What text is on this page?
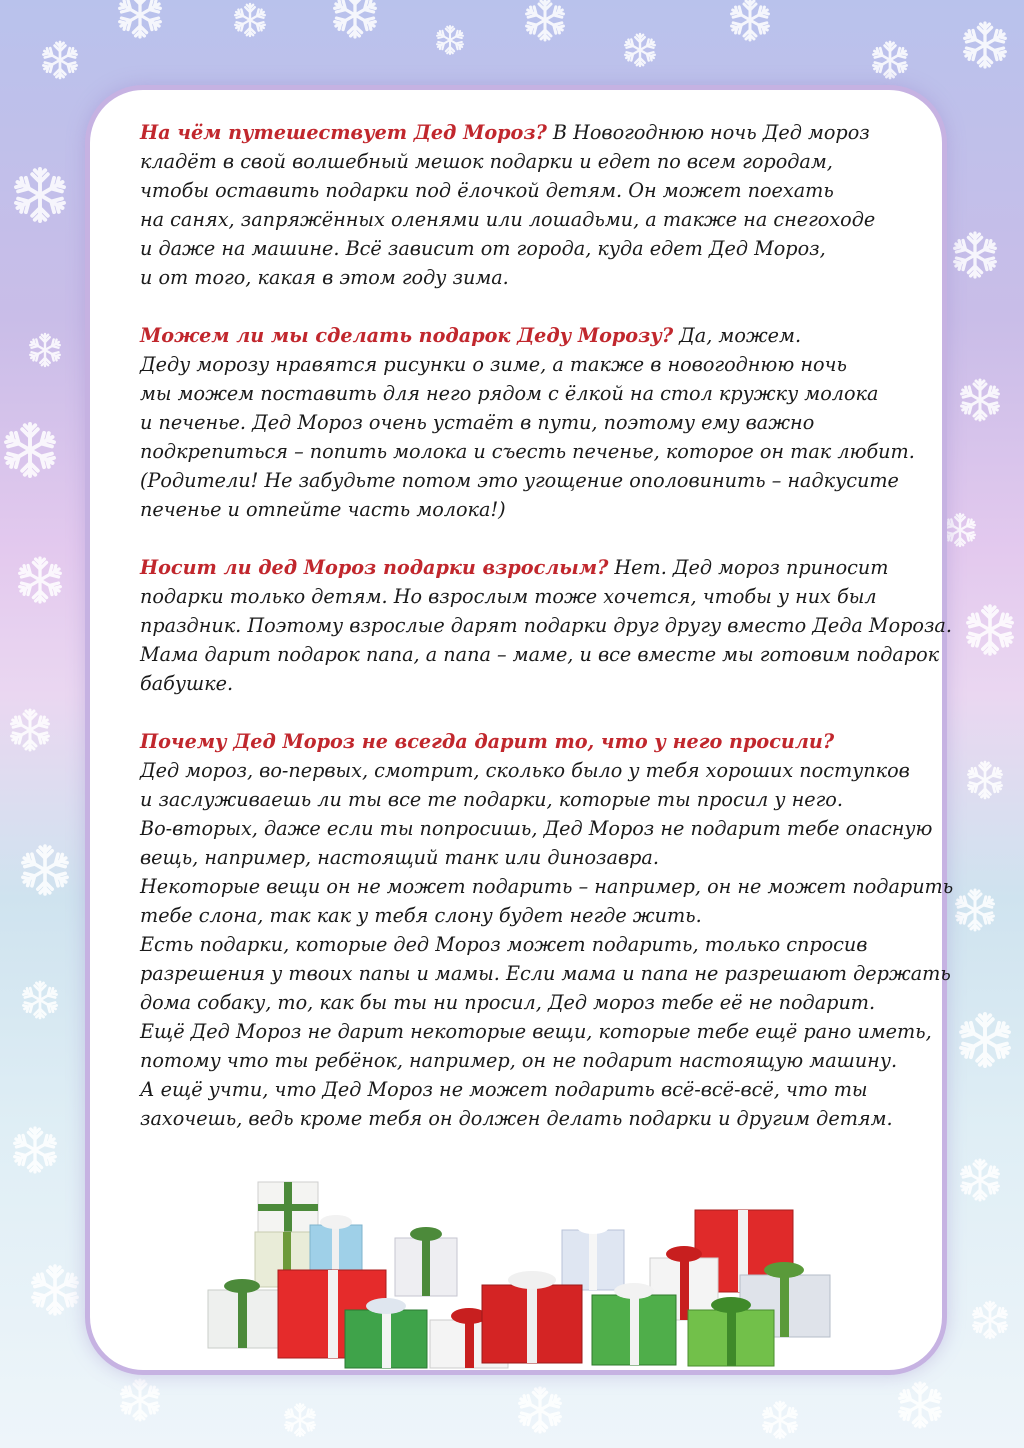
На чём путешествует Дед Мороз? В Новогоднюю ночь Дед мороз
кладёт в свой волшебный мешок подарки и едет по всем городам,
чтобы оставить подарки под ёлочкой детям. Он может поехать
на санях, запряжённых оленями или лошадьми, а также на снегоходе
и даже на машине. Всё зависит от города, куда едет Дед Мороз,
и от того, какая в этом году зима.
Можем ли мы сделать подарок Деду Морозу? Да, можем.
Деду морозу нравятся рисунки о зиме, а также в новогоднюю ночь
мы можем поставить для него рядом с ёлкой на стол кружку молока
и печенье. Дед Мороз очень устаёт в пути, поэтому ему важно
подкрепиться – попить молока и съесть печенье, которое он так любит.
(Родители! Не забудьте потом это угощение ополовинить – надкусите
печенье и отпейте часть молока!)
Носит ли дед Мороз подарки взрослым? Нет. Дед мороз приносит
подарки только детям. Но взрослым тоже хочется, чтобы у них был
праздник. Поэтому взрослые дарят подарки друг другу вместо Деда Мороза.
Мама дарит подарок папа, а папа – маме, и все вместе мы готовим подарок
бабушке.
Почему Дед Мороз не всегда дарит то, что у него просили?
Дед мороз, во-первых, смотрит, сколько было у тебя хороших поступков
и заслуживаешь ли ты все те подарки, которые ты просил у него.
Во-вторых, даже если ты попросишь, Дед Мороз не подарит тебе опасную
вещь, например, настоящий танк или динозавра.
Некоторые вещи он не может подарить – например, он не может подарить
тебе слона, так как у тебя слону будет негде жить.
Есть подарки, которые дед Мороз может подарить, только спросив
разрешения у твоих папы и мамы. Если мама и папа не разрешают держать
дома собаку, то, как бы ты ни просил, Дед мороз тебе её не подарит.
Ещё Дед Мороз не дарит некоторые вещи, которые тебе ещё рано иметь,
потому что ты ребёнок, например, он не подарит настоящую машину.
А ещё учти, что Дед Мороз не может подарить всё-всё-всё, что ты
захочешь, ведь кроме тебя он должен делать подарки и другим детям.
